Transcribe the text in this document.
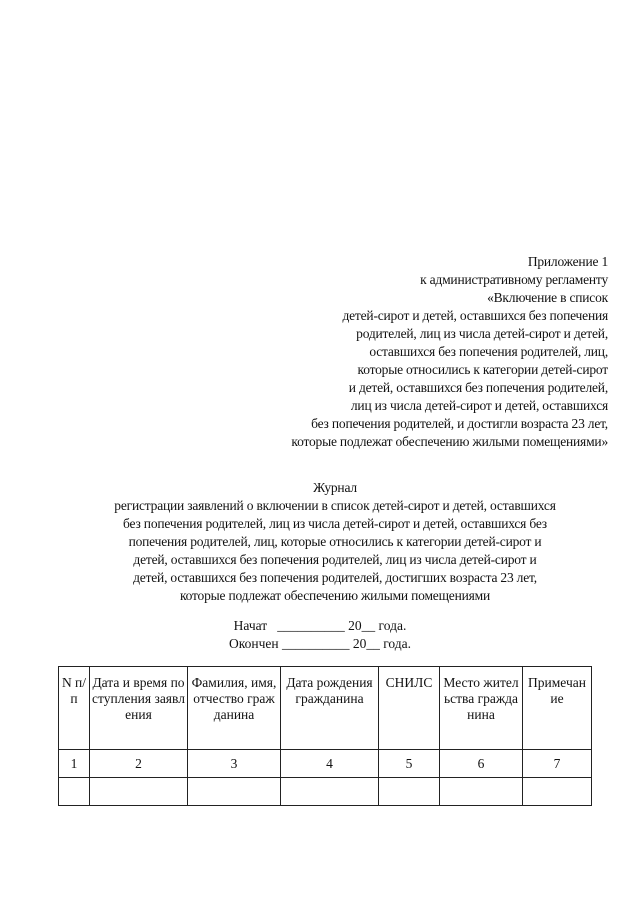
Приложение 1
к административному регламенту
«Включение в список
детей-сирот и детей, оставшихся без попечения
родителей, лиц из числа детей-сирот и детей,
оставшихся без попечения родителей, лиц,
которые относились к категории детей-сирот
и детей, оставшихся без попечения родителей,
лиц из числа детей-сирот и детей, оставшихся
без попечения родителей, и достигли возраста 23 лет,
которые подлежат обеспечению жилыми помещениями»
Журнал
регистрации заявлений о включении в список детей-сирот и детей, оставшихся
без попечения родителей, лиц из числа детей-сирот и детей, оставшихся без
попечения родителей, лиц, которые относились к категории детей-сирот и
детей, оставшихся без попечения родителей, лиц из числа детей-сирот и
детей, оставшихся без попечения родителей, достигших возраста 23 лет,
которые подлежат обеспечению жилыми помещениями
Начат   __________ 20__ года.
Окончен __________ 20__ года.
N п/п	Дата и время поступления заявления	Фамилия, имя, отчество гражданина	Дата рождения гражданина	СНИЛС	Место жительства гражданина	Примечание
1	2	3	4	5	6	7
